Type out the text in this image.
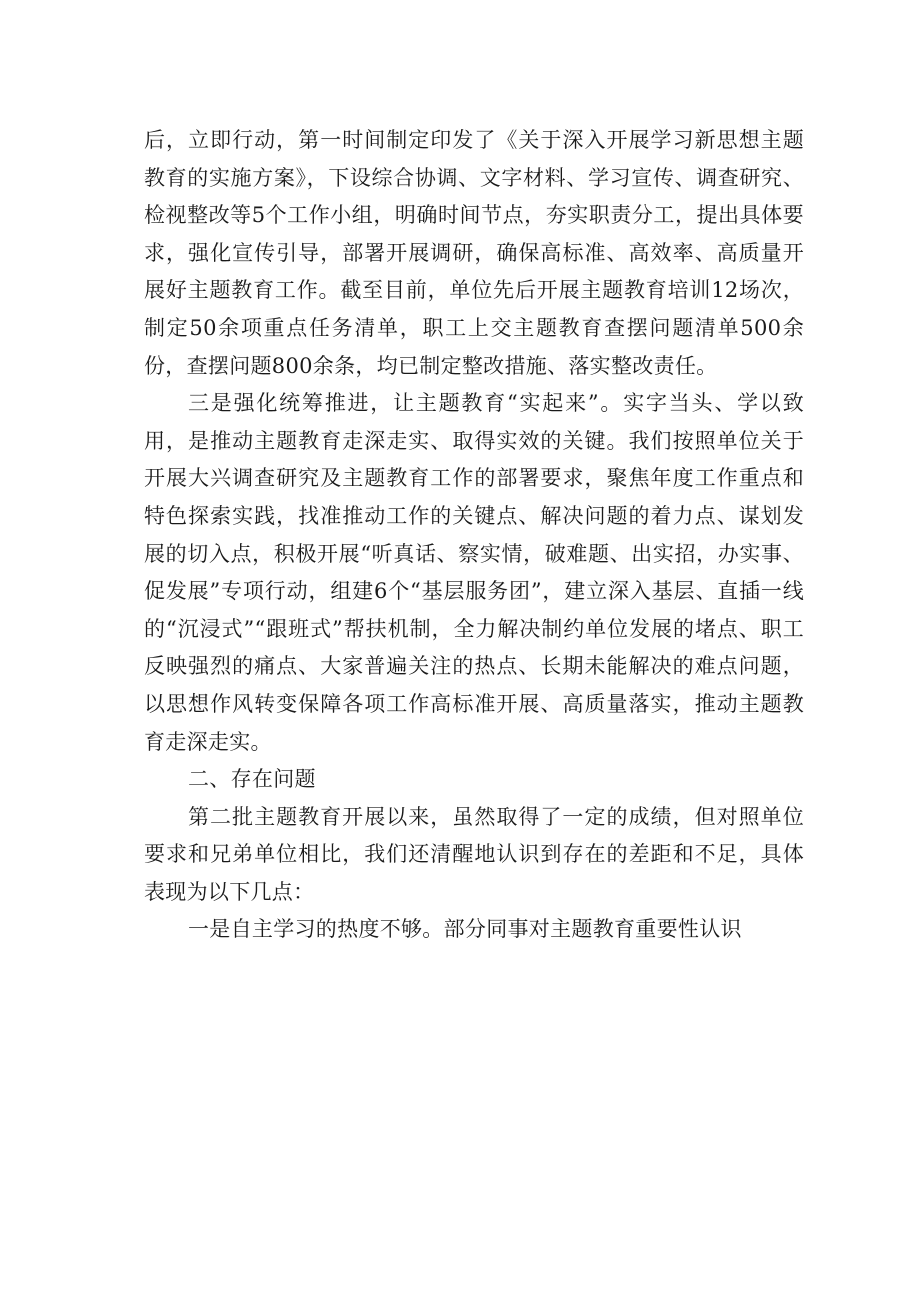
后，立即行动，第一时间制定印发了《关于深入开展学习新思想主题教育的实施方案》，下设综合协调、文字材料、学习宣传、调查研究、检视整改等5个工作小组，明确时间节点，夯实职责分工，提出具体要求，强化宣传引导，部署开展调研，确保高标准、高效率、高质量开展好主题教育工作。截至目前，单位先后开展主题教育培训12场次，制定50余项重点任务清单，职工上交主题教育查摆问题清单500余份，查摆问题800余条，均已制定整改措施、落实整改责任。

三是强化统筹推进，让主题教育“实起来”。实字当头、学以致用，是推动主题教育走深走实、取得实效的关键。我们按照单位关于开展大兴调查研究及主题教育工作的部署要求，聚焦年度工作重点和特色探索实践，找准推动工作的关键点、解决问题的着力点、谋划发展的切入点，积极开展“听真话、察实情，破难题、出实招，办实事、促发展”专项行动，组建6个“基层服务团”，建立深入基层、直插一线的“沉浸式”“跟班式”帮扶机制，全力解决制约单位发展的堵点、职工反映强烈的痛点、大家普遍关注的热点、长期未能解决的难点问题，以思想作风转变保障各项工作高标准开展、高质量落实，推动主题教育走深走实。

二、存在问题

第二批主题教育开展以来，虽然取得了一定的成绩，但对照单位要求和兄弟单位相比，我们还清醒地认识到存在的差距和不足，具体表现为以下几点：

一是自主学习的热度不够。部分同事对主题教育重要性认识
